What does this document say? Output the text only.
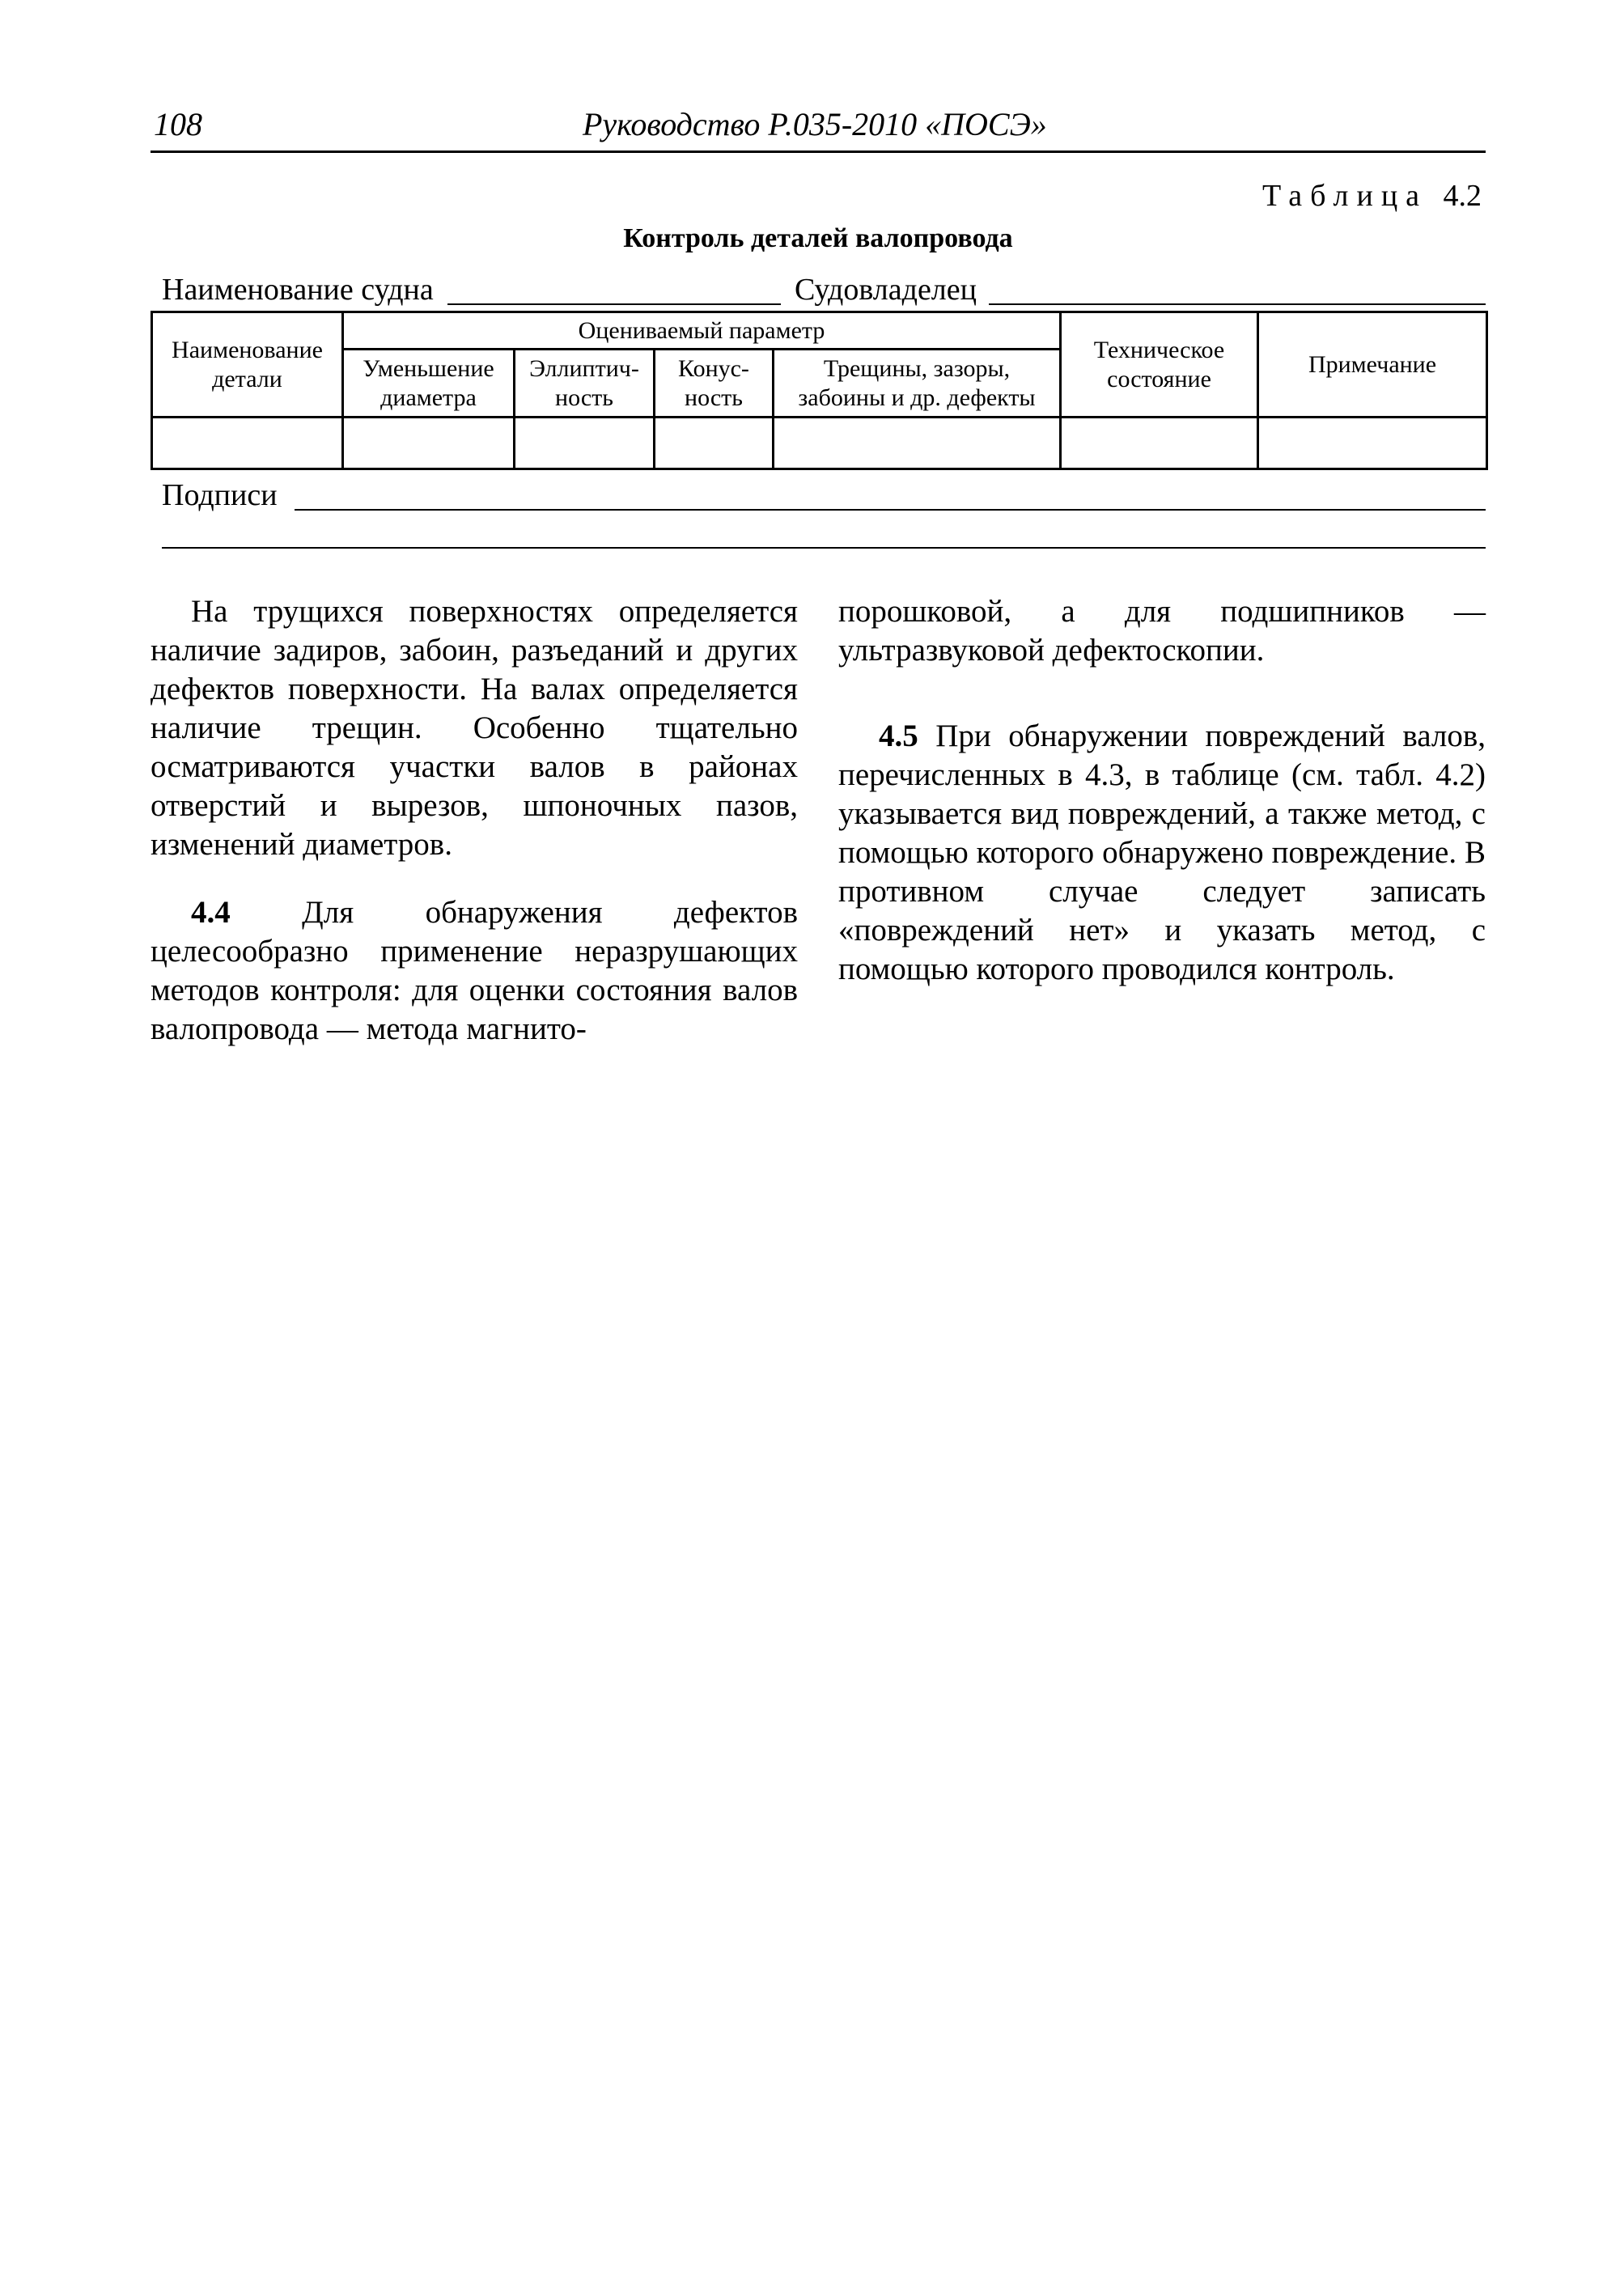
108	Руководство Р.035-2010 «ПОСЭ»
Таблица 4.2
Контроль деталей валопровода
Наименование судна	Судовладелец
Наименование детали	Оцениваемый параметр				Техническое состояние	Примечание
	Уменьшение диаметра	Эллиптич-ность	Конус-ность	Трещины, зазоры, забоины и др. дефекты		

Подписи

На трущихся поверхностях определяется наличие задиров, забоин, разъеданий и других дефектов поверхности. На валах определяется наличие трещин. Особенно тщательно осматриваются участки валов в районах отверстий и вырезов, шпоночных пазов, изменений диаметров.

4.4 Для обнаружения дефектов целесообразно применение неразрушающих методов контроля: для оценки состояния валов валопровода — метода магнито-

порошковой, а для подшипников — ультразвуковой дефектоскопии.

4.5 При обнаружении повреждений валов, перечисленных в 4.3, в таблице (см. табл. 4.2) указывается вид повреждений, а также метод, с помощью которого обнаружено повреждение. В противном случае следует записать «повреждений нет» и указать метод, с помощью которого проводился контроль.
